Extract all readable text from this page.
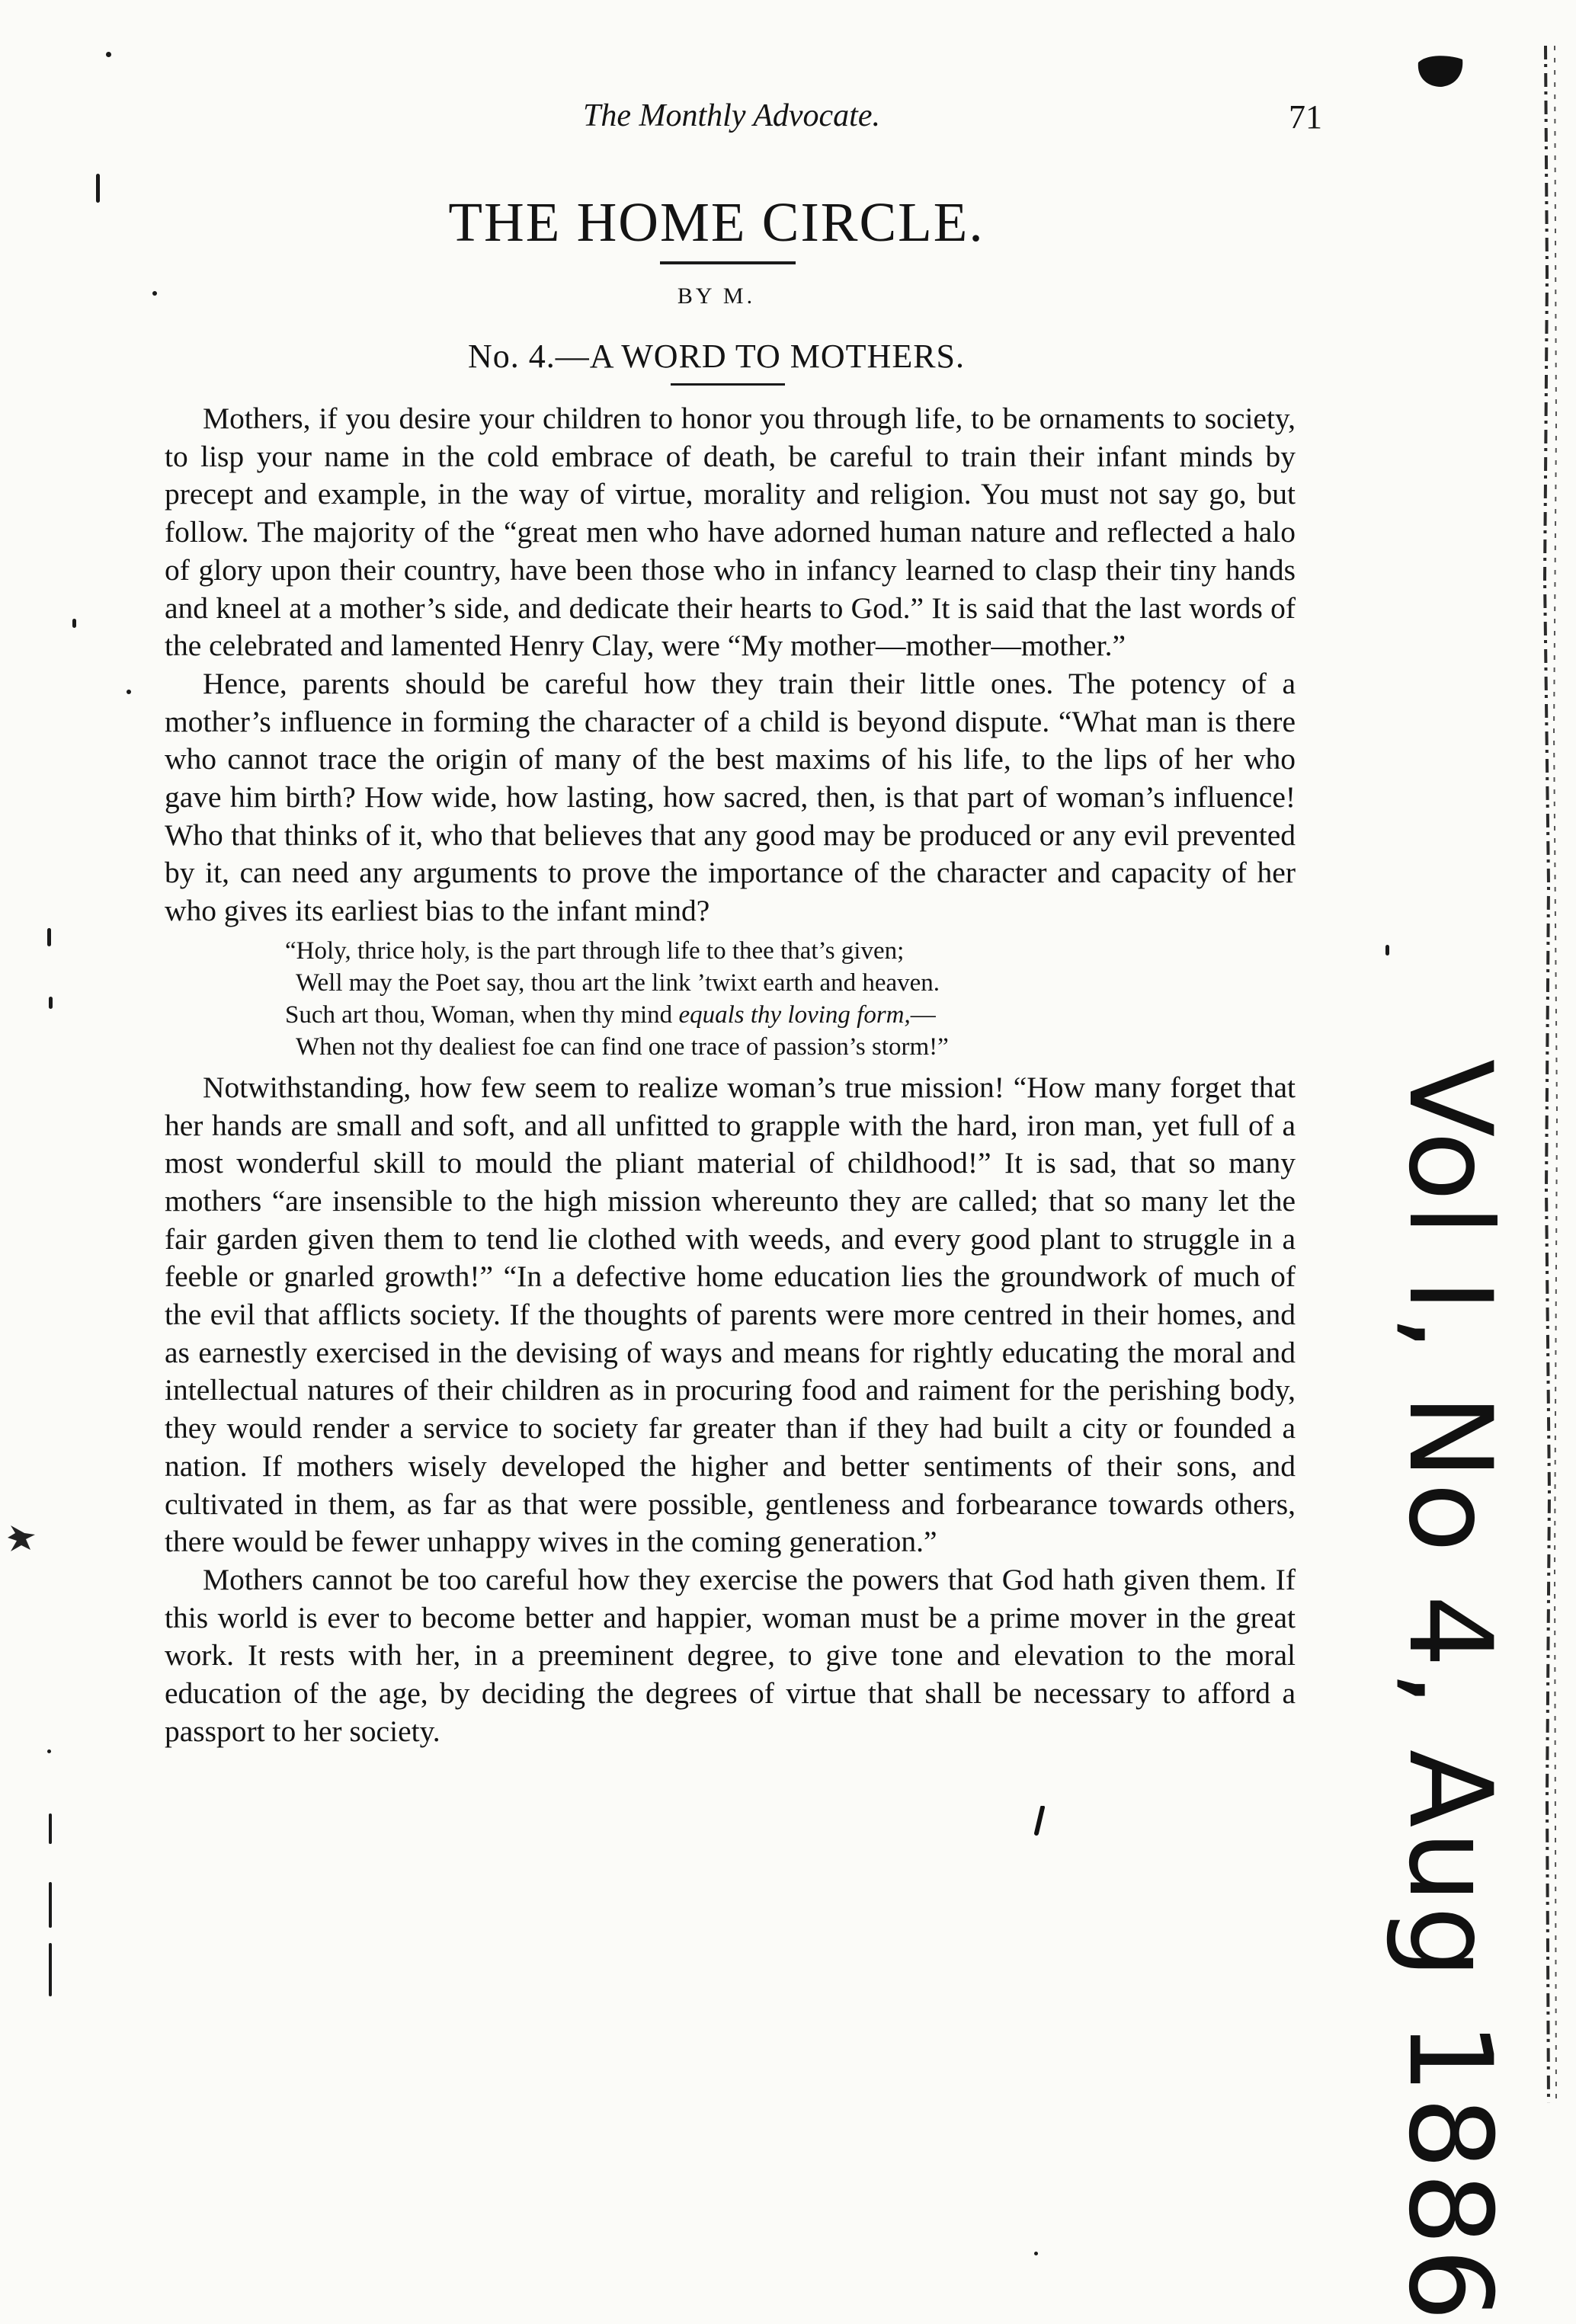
The Monthly Advocate.	71
THE HOME CIRCLE.
BY M.
No. 4.—A WORD TO MOTHERS.

Mothers, if you desire your children to honor you through life, to be ornaments to society, to lisp your name in the cold embrace of death, be careful to train their infant minds by precept and example, in the way of virtue, morality and religion. You must not say go, but follow. The majority of the “great men who have adorned human nature and reflected a halo of glory upon their country, have been those who in infancy learned to clasp their tiny hands and kneel at a mother’s side, and dedicate their hearts to God.” It is said that the last words of the celebrated and lamented Henry Clay, were “My mother—mother—mother.”

Hence, parents should be careful how they train their little ones. The potency of a mother’s influence in forming the character of a child is beyond dispute. “What man is there who cannot trace the origin of many of the best maxims of his life, to the lips of her who gave him birth? How wide, how lasting, how sacred, then, is that part of woman’s influence! Who that thinks of it, who that believes that any good may be produced or any evil prevented by it, can need any arguments to prove the importance of the character and capacity of her who gives its earliest bias to the infant mind?

“Holy, thrice holy, is the part through life to thee that’s given;
Well may the Poet say, thou art the link ’twixt earth and heaven.
Such art thou, Woman, when thy mind equals thy loving form,—
When not thy dealiest foe can find one trace of passion’s storm!”

Notwithstanding, how few seem to realize woman’s true mission! “How many forget that her hands are small and soft, and all unfitted to grapple with the hard, iron man, yet full of a most wonderful skill to mould the pliant material of childhood!” It is sad, that so many mothers “are insensible to the high mission whereunto they are called; that so many let the fair garden given them to tend lie clothed with weeds, and every good plant to struggle in a feeble or gnarled growth!” “In a defective home education lies the groundwork of much of the evil that afflicts society. If the thoughts of parents were more centred in their homes, and as earnestly exercised in the devising of ways and means for rightly educating the moral and intellectual natures of their children as in procuring food and raiment for the perishing body, they would render a service to society far greater than if they had built a city or founded a nation. If mothers wisely developed the higher and better sentiments of their sons, and cultivated in them, as far as that were possible, gentleness and forbearance towards others, there would be fewer unhappy wives in the coming generation.”

Mothers cannot be too careful how they exercise the powers that God hath given them. If this world is ever to become better and happier, woman must be a prime mover in the great work. It rests with her, in a preeminent degree, to give tone and elevation to the moral education of the age, by deciding the degrees of virtue that shall be necessary to afford a passport to her society.	Vol I, No 4, Aug 1886
